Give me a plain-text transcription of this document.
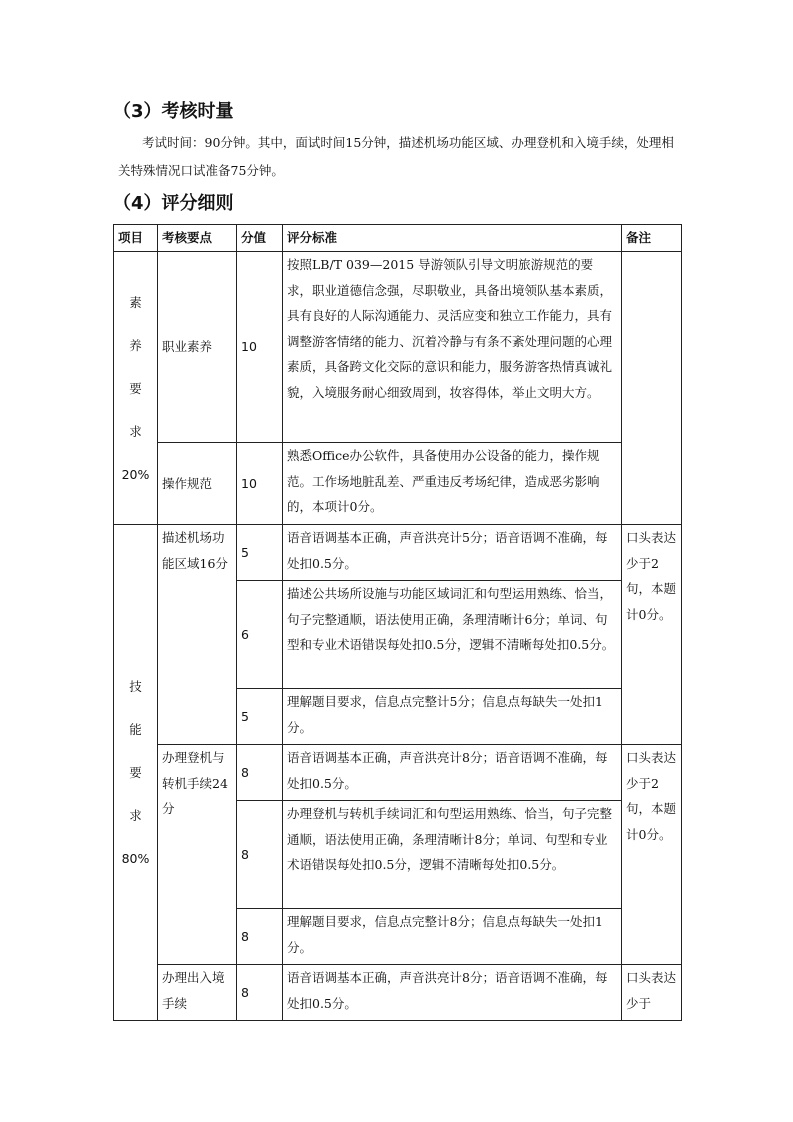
（3）考核时量
考试时间：90分钟。其中，面试时间15分钟，描述机场功能区域、办理登机和入境手续，处理相关特殊情况口试准备75分钟。
（4）评分细则
项目	考核要点	分值	评分标准	备注

素
养
要
求
20%	职业素养	10	按照LB/T 039—2015 导游领队引导文明旅游规范的要求，职业道德信念强，尽职敬业，具备出境领队基本素质，具有良好的人际沟通能力、灵活应变和独立工作能力，具有调整游客情绪的能力、沉着冷静与有条不紊处理问题的心理素质，具备跨文化交际的意识和能力，服务游客热情真诚礼貌，入境服务耐心细致周到，妆容得体，举止文明大方。	
	操作规范	10	熟悉Office办公软件，具备使用办公设备的能力，操作规范。工作场地脏乱差、严重违反考场纪律，造成恶劣影响的，本项计0分。	

技
能
要
求
80%	描述机场功能区域16分	5	语音语调基本正确，声音洪亮计5分；语音语调不准确，每处扣0.5分。	口头表达少于2句，本题计0分。
		6	描述公共场所设施与功能区域词汇和句型运用熟练、恰当，句子完整通顺，语法使用正确，条理清晰计6分；单词、句型和专业术语错误每处扣0.5分，逻辑不清晰每处扣0.5分。	
		5	理解题目要求，信息点完整计5分；信息点每缺失一处扣1分。	
	办理登机与转机手续24分	8	语音语调基本正确，声音洪亮计8分；语音语调不准确，每处扣0.5分。	口头表达少于2句，本题计0分。
		8	办理登机与转机手续词汇和句型运用熟练、恰当，句子完整通顺，语法使用正确，条理清晰计8分；单词、句型和专业术语错误每处扣0.5分，逻辑不清晰每处扣0.5分。	
		8	理解题目要求，信息点完整计8分；信息点每缺失一处扣1分。	
	办理出入境手续	8	语音语调基本正确，声音洪亮计8分；语音语调不准确，每处扣0.5分。	口头表达少于
